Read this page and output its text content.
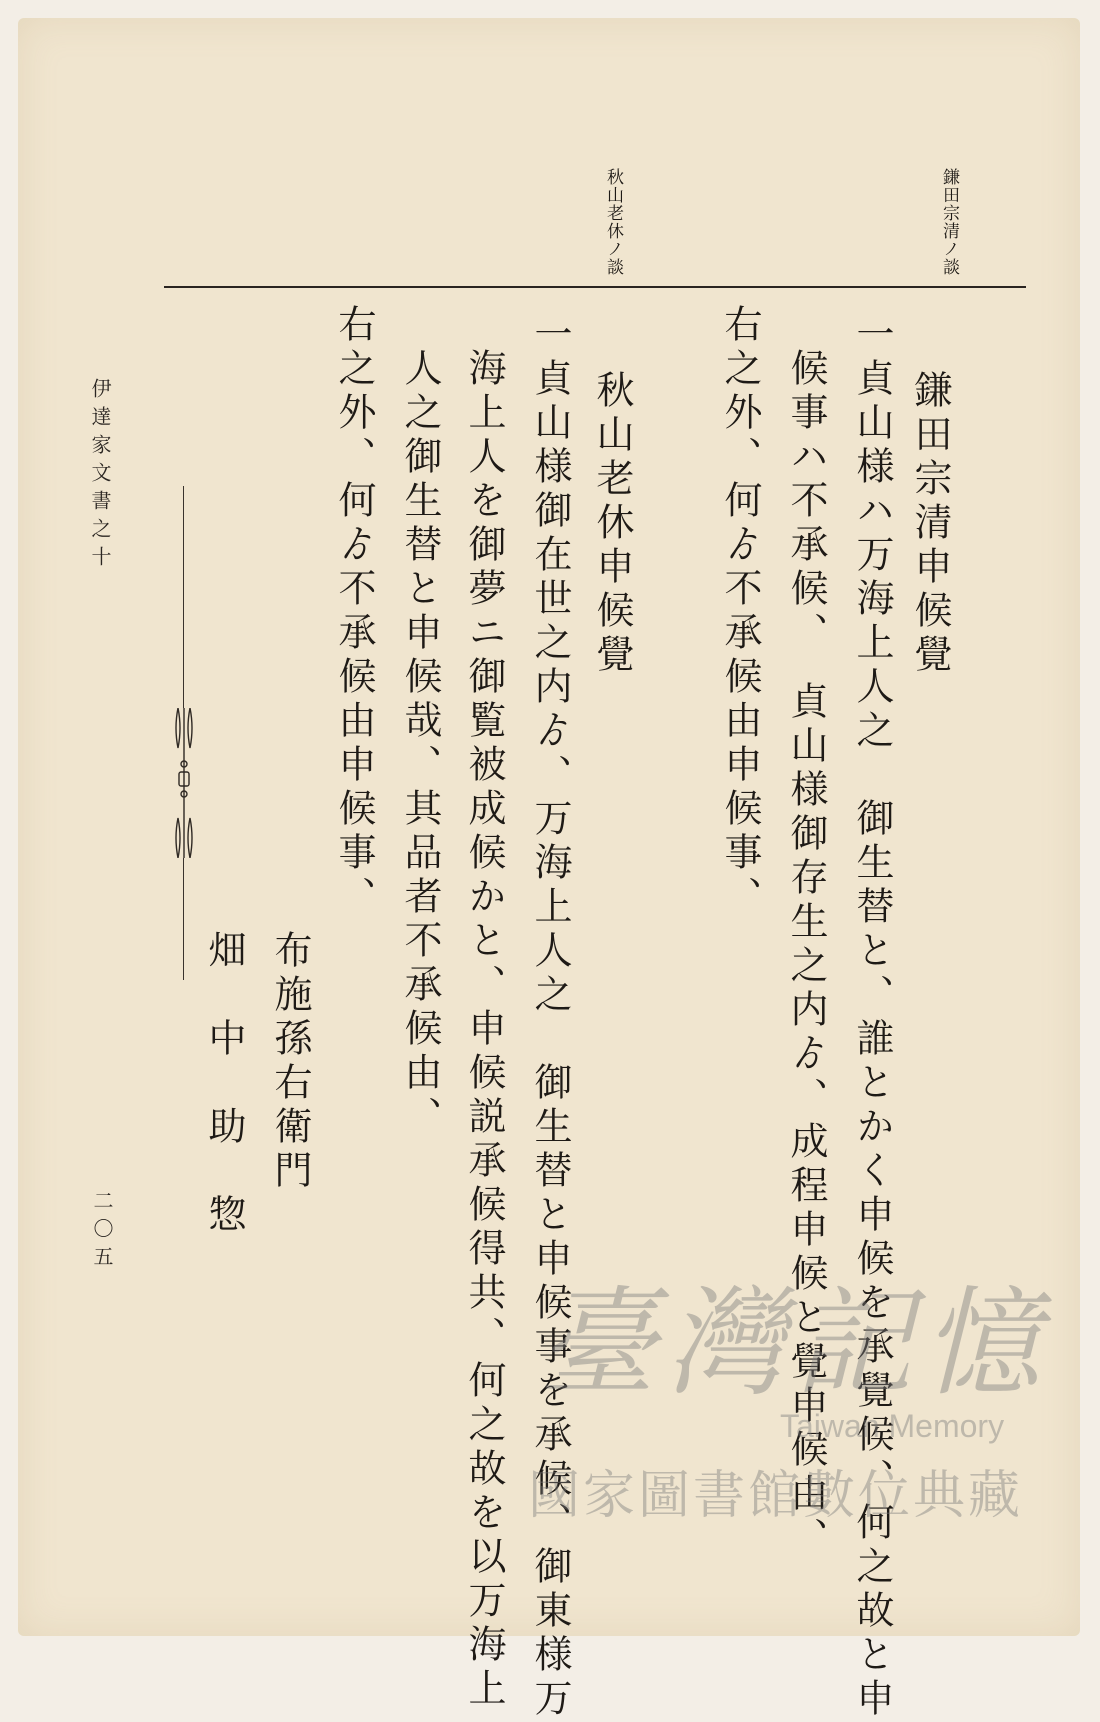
鎌田宗清ノ談
秋山老休ノ談
鎌田宗清申候覺
一貞山様ハ万海上人之　御生替と、誰とかく申候を承覺候、何之故と申
候事ハ不承候、　貞山様御存生之内ゟ、成程申候と覺申候由、
右之外、何ゟ不承候由申候事、
秋山老休申候覺
一貞山様御在世之内ゟ、万海上人之　御生替と申候事を承候、御東様万
海上人を御夢ニ御覧被成候かと、申候説承候得共、何之故を以万海上
人之御生替と申候哉、其品者不承候由、
右之外、何ゟ不承候由申候事、
布施孫右衛門
畑　中　助　惣
伊達家文書之十
二〇五
臺灣記憶
Taiwan Memory
國家圖書館數位典藏
